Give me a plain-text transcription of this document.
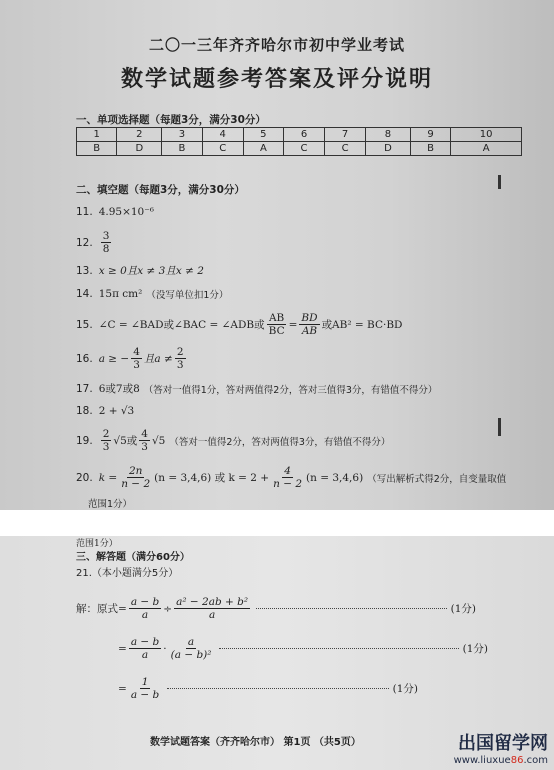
二〇一三年齐齐哈尔市初中学业考试
数学试题参考答案及评分说明
一、单项选择题（每题3分，满分30分）
1	2	3	4	5	6	7	8	9	10
B	D	B	C	A	C	C	D	B	A
二、填空题（每题3分，满分30分）
11. 4.95×10⁻⁶
12. $\frac{3}{8}$
13. x ≥ 0且x ≠ 3且x ≠ 2
14. 15π cm² （没写单位扣1分）
15. ∠C = ∠BAD或∠BAC = ∠ADB或 $\frac{AB}{BC} = \frac{BD}{AB}$ 或AB² = BC·BD
16. a ≥ − $\frac{4}{3}$ 且$a \ne \frac{2}{3}$
17. 6或7或8 （答对一值得1分，答对两值得2分，答对三值得3分，有错值不得分）
18. 2 + √3
19. $\frac{2}{3} √5$或 $\frac{4}{3} √5$ （答对一值得2分，答对两值得3分，有错值不得分）
20. $k = \frac{2n}{n - 2} (n = 3,4,6)$ 或 $k = 2 + \frac{4}{n - 2} (n = 3,4,6)$ （写出解析式得2分，自变量取值
范围1分）
范围1分）
三、解答题（满分60分）
21.（本小题满分5分）
解：原式= $\frac{a - b}{a} \div \frac{\text{a² − 2ab + b²}}{a}$	(1分)
= $\frac{a - b}{a} \cdot \frac{a}{\text{(a − b)²}}$	(1分)
= $\frac{1}{a - b}$	(1分)
数学试题答案（齐齐哈尔市） 第1页 （共5页）	出国留学网
www.liuxue86.com
